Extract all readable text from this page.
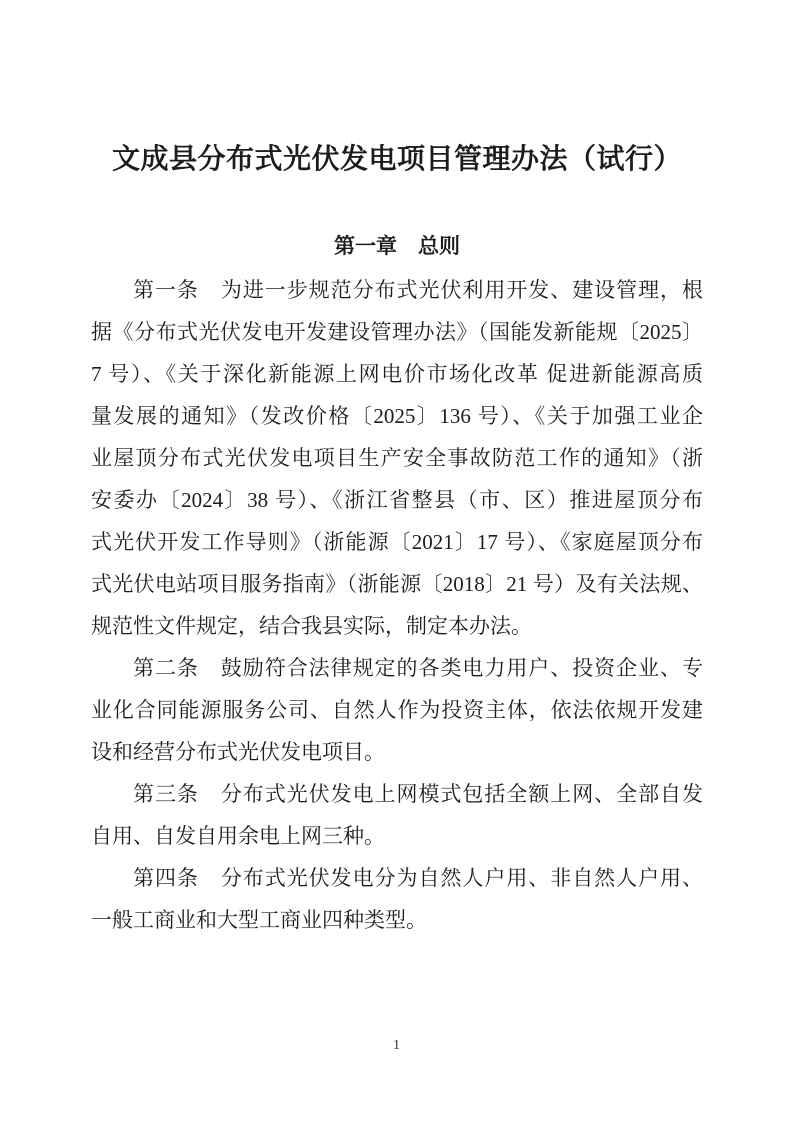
文成县分布式光伏发电项目管理办法（试行）
第一章　总则

第一条　为进一步规范分布式光伏利用开发、建设管理，根

据《分布式光伏发电开发建设管理办法》（国能发新能规〔2025〕

7 号）、《关于深化新能源上网电价市场化改革 促进新能源高质

量发展的通知》（发改价格〔2025〕136 号）、《关于加强工业企

业屋顶分布式光伏发电项目生产安全事故防范工作的通知》（浙

安委办〔2024〕38 号）、《浙江省整县（市、区）推进屋顶分布

式光伏开发工作导则》（浙能源〔2021〕17 号）、《家庭屋顶分布

式光伏电站项目服务指南》（浙能源〔2018〕21 号）及有关法规、

规范性文件规定，结合我县实际，制定本办法。

第二条　鼓励符合法律规定的各类电力用户、投资企业、专

业化合同能源服务公司、自然人作为投资主体，依法依规开发建

设和经营分布式光伏发电项目。

第三条　分布式光伏发电上网模式包括全额上网、全部自发

自用、自发自用余电上网三种。

第四条　分布式光伏发电分为自然人户用、非自然人户用、

一般工商业和大型工商业四种类型。

1
